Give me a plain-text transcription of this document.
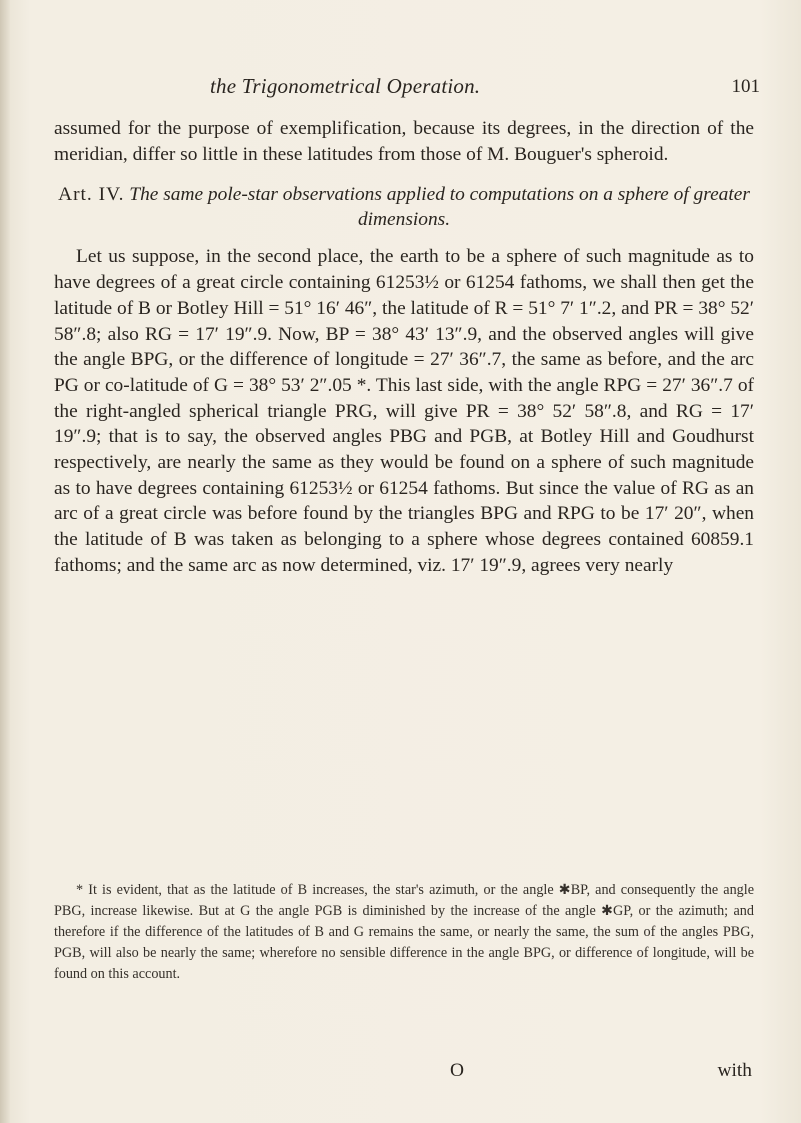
the Trigonometrical Operation.	101

assumed for the purpose of exemplification, because its degrees, in the direction of the meridian, differ so little in these latitudes from those of M. Bouguer's spheroid.

Art. IV. The same pole-star observations applied to computations on a sphere of greater dimensions.

Let us suppose, in the second place, the earth to be a sphere of such magnitude as to have degrees of a great circle containing 61253½ or 61254 fathoms, we shall then get the latitude of B or Botley Hill = 51° 16′ 46″, the latitude of R = 51° 7′ 1″.2, and PR = 38° 52′ 58″.8; also RG = 17′ 19″.9. Now, BP = 38° 43′ 13″.9, and the observed angles will give the angle BPG, or the difference of longitude = 27′ 36″.7, the same as before, and the arc PG or co-latitude of G = 38° 53′ 2″.05 *. This last side, with the angle RPG = 27′ 36″.7 of the right-angled spherical triangle PRG, will give PR = 38° 52′ 58″.8, and RG = 17′ 19″.9; that is to say, the observed angles PBG and PGB, at Botley Hill and Goudhurst respectively, are nearly the same as they would be found on a sphere of such magnitude as to have degrees containing 61253½ or 61254 fathoms. But since the value of RG as an arc of a great circle was before found by the triangles BPG and RPG to be 17′ 20″, when the latitude of B was taken as belonging to a sphere whose degrees contained 60859.1 fathoms; and the same arc as now determined, viz. 17′ 19″.9, agrees very nearly

* It is evident, that as the latitude of B increases, the star's azimuth, or the angle ✱BP, and consequently the angle PBG, increase likewise. But at G the angle PGB is diminished by the increase of the angle ✱GP, or the azimuth; and therefore if the difference of the latitudes of B and G remains the same, or nearly the same, the sum of the angles PBG, PGB, will also be nearly the same; wherefore no sensible difference in the angle BPG, or difference of longitude, will be found on this account.

O	with
